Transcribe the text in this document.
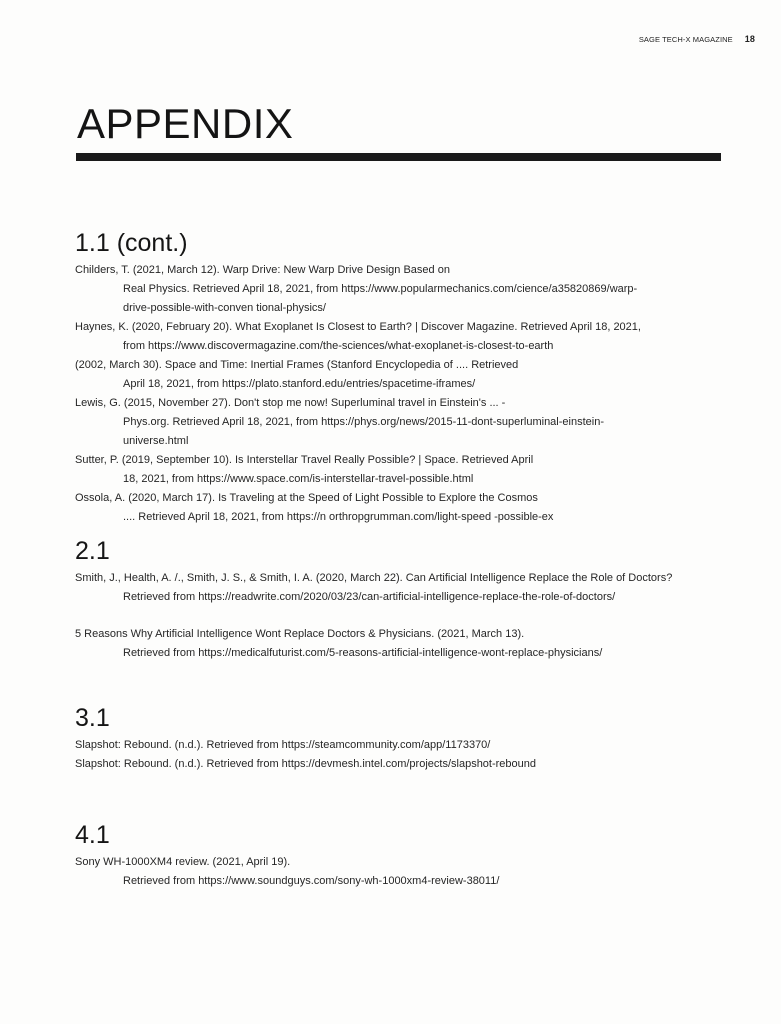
SAGE TECH-X MAGAZINE 18
APPENDIX
1.1 (cont.)

Childers, T. (2021, March 12). Warp Drive: New Warp Drive Design Based on
Real Physics. Retrieved April 18, 2021, from https://www.popularmechanics.com/cience/a35820869/warp-
drive-possible-with-conven tional-physics/

Haynes, K. (2020, February 20). What Exoplanet Is Closest to Earth? | Discover Magazine. Retrieved April 18, 2021,
from https://www.discovermagazine.com/the-sciences/what-exoplanet-is-closest-to-earth

(2002, March 30). Space and Time: Inertial Frames (Stanford Encyclopedia of .... Retrieved
April 18, 2021, from https://plato.stanford.edu/entries/spacetime-iframes/

Lewis, G. (2015, November 27). Don't stop me now! Superluminal travel in Einstein's ... -
Phys.org. Retrieved April 18, 2021, from https://phys.org/news/2015-11-dont-superluminal-einstein-
universe.html

Sutter, P. (2019, September 10). Is Interstellar Travel Really Possible? | Space. Retrieved April
18, 2021, from https://www.space.com/is-interstellar-travel-possible.html

Ossola, A. (2020, March 17). Is Traveling at the Speed of Light Possible to Explore the Cosmos
.... Retrieved April 18, 2021, from https://n orthropgrumman.com/light-speed -possible-ex

2.1

Smith, J., Health, A. /., Smith, J. S., & Smith, I. A. (2020, March 22). Can Artificial Intelligence Replace the Role of Doctors?
Retrieved from https://readwrite.com/2020/03/23/can-artificial-intelligence-replace-the-role-of-doctors/

5 Reasons Why Artificial Intelligence Wont Replace Doctors & Physicians. (2021, March 13).
Retrieved from https://medicalfuturist.com/5-reasons-artificial-intelligence-wont-replace-physicians/

3.1

Slapshot: Rebound. (n.d.). Retrieved from https://steamcommunity.com/app/1173370/

Slapshot: Rebound. (n.d.). Retrieved from https://devmesh.intel.com/projects/slapshot-rebound

4.1

Sony WH-1000XM4 review. (2021, April 19).
Retrieved from https://www.soundguys.com/sony-wh-1000xm4-review-38011/
